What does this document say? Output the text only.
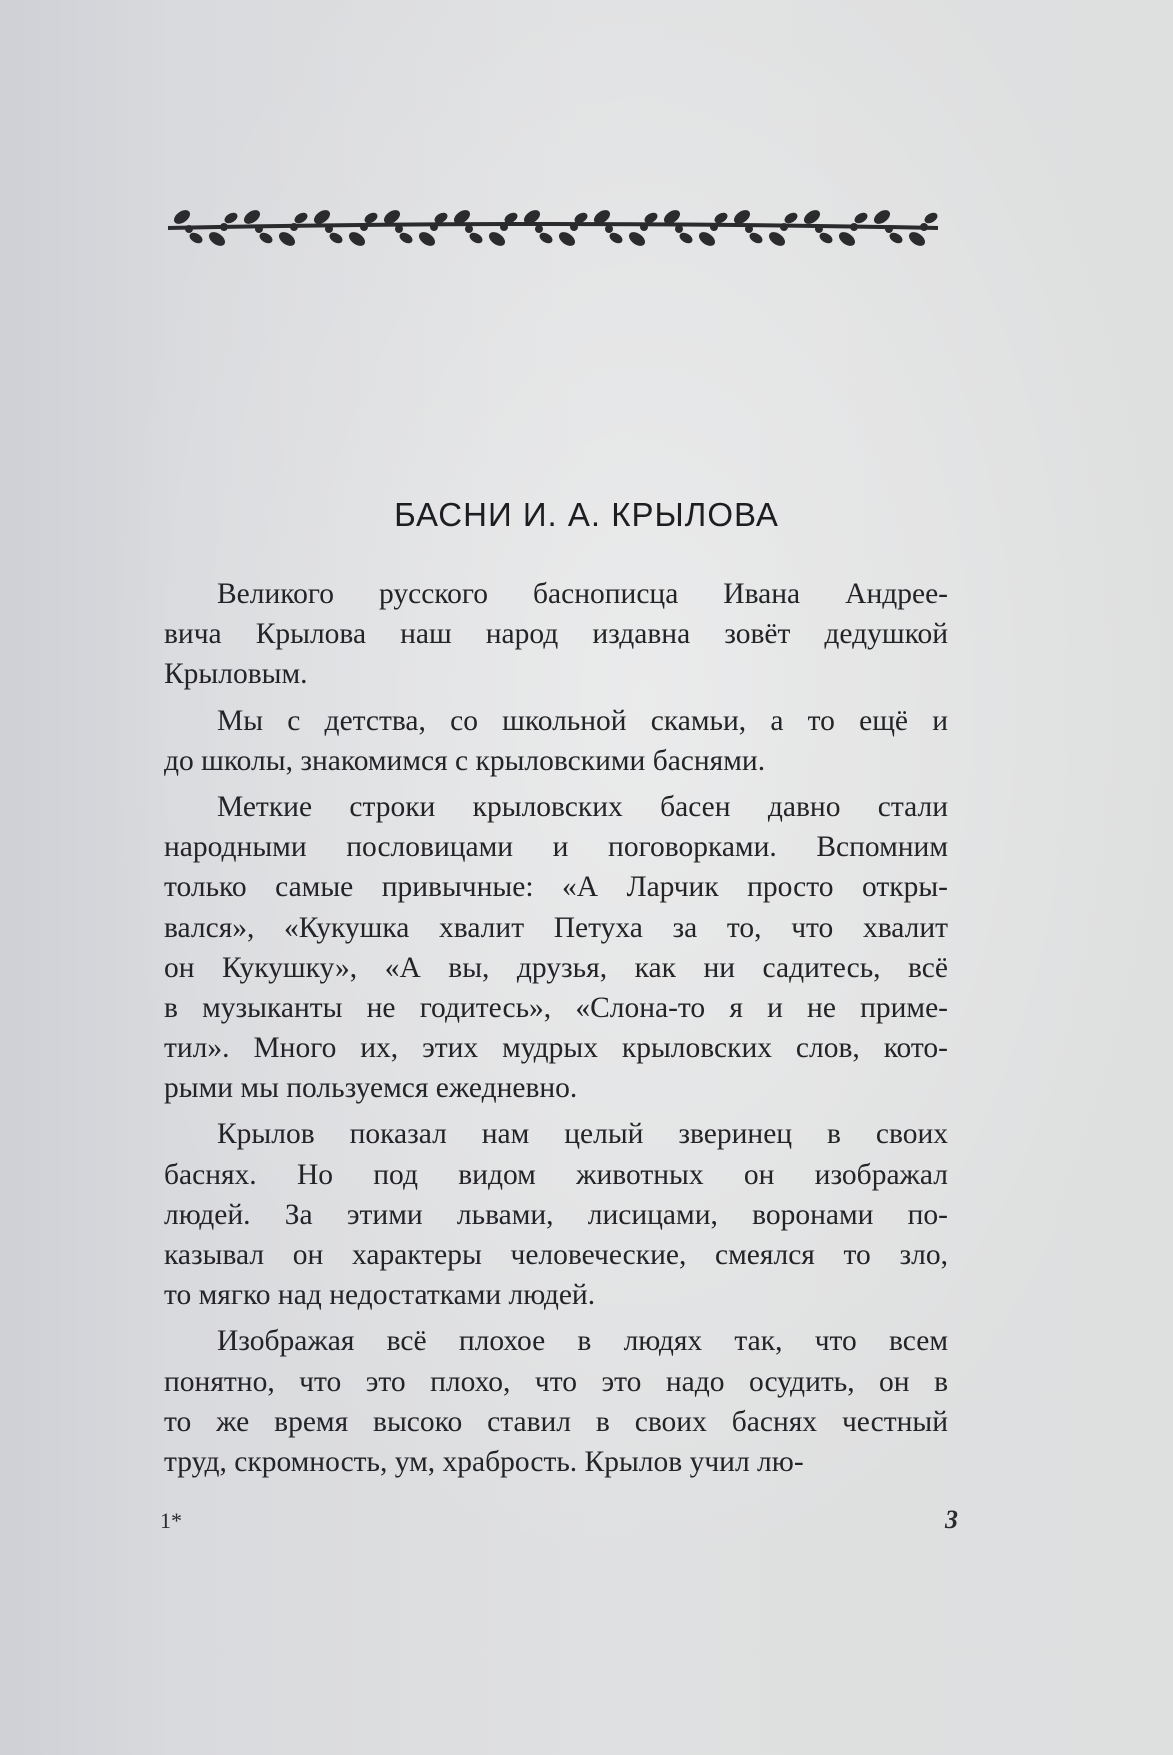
БАСНИ И. А. КРЫЛОВА
Великого русского баснописца Ивана Андрее-
вича Крылова наш народ издавна зовёт дедушкой
Крыловым.
Мы с детства, со школьной скамьи, а то ещё и
до школы, знакомимся с крыловскими баснями.
Меткие строки крыловских басен давно стали
народными пословицами и поговорками. Вспомним
только самые привычные: «А Ларчик просто откры-
вался», «Кукушка хвалит Петуха за то, что хвалит
он Кукушку», «А вы, друзья, как ни садитесь, всё
в музыканты не годитесь», «Слона-то я и не приме-
тил». Много их, этих мудрых крыловских слов, кото-
рыми мы пользуемся ежедневно.
Крылов показал нам целый зверинец в своих
баснях. Но под видом животных он изображал
людей. За этими львами, лисицами, воронами по-
казывал он характеры человеческие, смеялся то зло,
то мягко над недостатками людей.
Изображая всё плохое в людях так, что всем
понятно, что это плохо, что это надо осудить, он в
то же время высоко ставил в своих баснях честный
труд, скромность, ум, храбрость. Крылов учил лю-
1*	3
